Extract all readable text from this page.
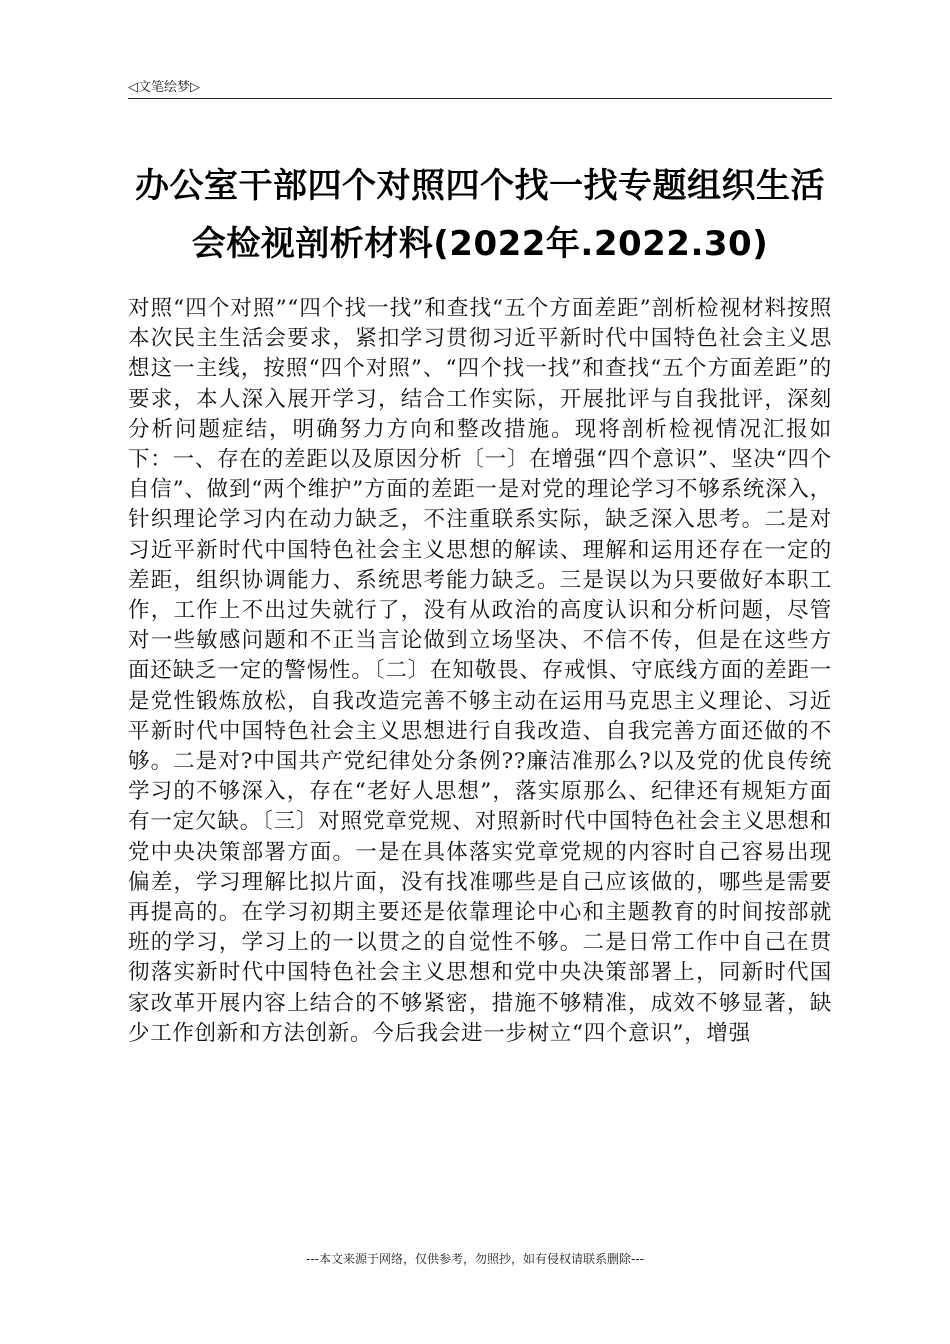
◁文笔绘梦▷
办公室干部四个对照四个找一找专题组织生活
会检视剖析材料(2022年.2022.30)
对照“四个对照”“四个找一找”和查找“五个方面差距”剖析检视材料按照本次民主生活会要求，紧扣学习贯彻习近平新时代中国特色社会主义思想这一主线，按照“四个对照”、“四个找一找”和查找“五个方面差距”的要求，本人深入展开学习，结合工作实际，开展批评与自我批评，深刻分析问题症结，明确努力方向和整改措施。现将剖析检视情况汇报如下：一、存在的差距以及原因分析〔一〕在增强“四个意识”、坚决“四个自信”、做到“两个维护”方面的差距一是对党的理论学习不够系统深入，针织理论学习内在动力缺乏，不注重联系实际，缺乏深入思考。二是对习近平新时代中国特色社会主义思想的解读、理解和运用还存在一定的差距，组织协调能力、系统思考能力缺乏。三是误以为只要做好本职工作，工作上不出过失就行了，没有从政治的高度认识和分析问题，尽管对一些敏感问题和不正当言论做到立场坚决、不信不传，但是在这些方面还缺乏一定的警惕性。〔二〕在知敬畏、存戒惧、守底线方面的差距一是党性锻炼放松，自我改造完善不够主动在运用马克思主义理论、习近平新时代中国特色社会主义思想进行自我改造、自我完善方面还做的不够。二是对?中国共产党纪律处分条例??廉洁准那么?以及党的优良传统学习的不够深入，存在“老好人思想”，落实原那么、纪律还有规矩方面有一定欠缺。〔三〕对照党章党规、对照新时代中国特色社会主义思想和党中央决策部署方面。一是在具体落实党章党规的内容时自己容易出现偏差，学习理解比拟片面，没有找准哪些是自己应该做的，哪些是需要再提高的。在学习初期主要还是依靠理论中心和主题教育的时间按部就班的学习，学习上的一以贯之的自觉性不够。二是日常工作中自己在贯彻落实新时代中国特色社会主义思想和党中央决策部署上，同新时代国家改革开展内容上结合的不够紧密，措施不够精准，成效不够显著，缺少工作创新和方法创新。今后我会进一步树立“四个意识”，增强
---本文来源于网络，仅供参考，勿照抄，如有侵权请联系删除---
